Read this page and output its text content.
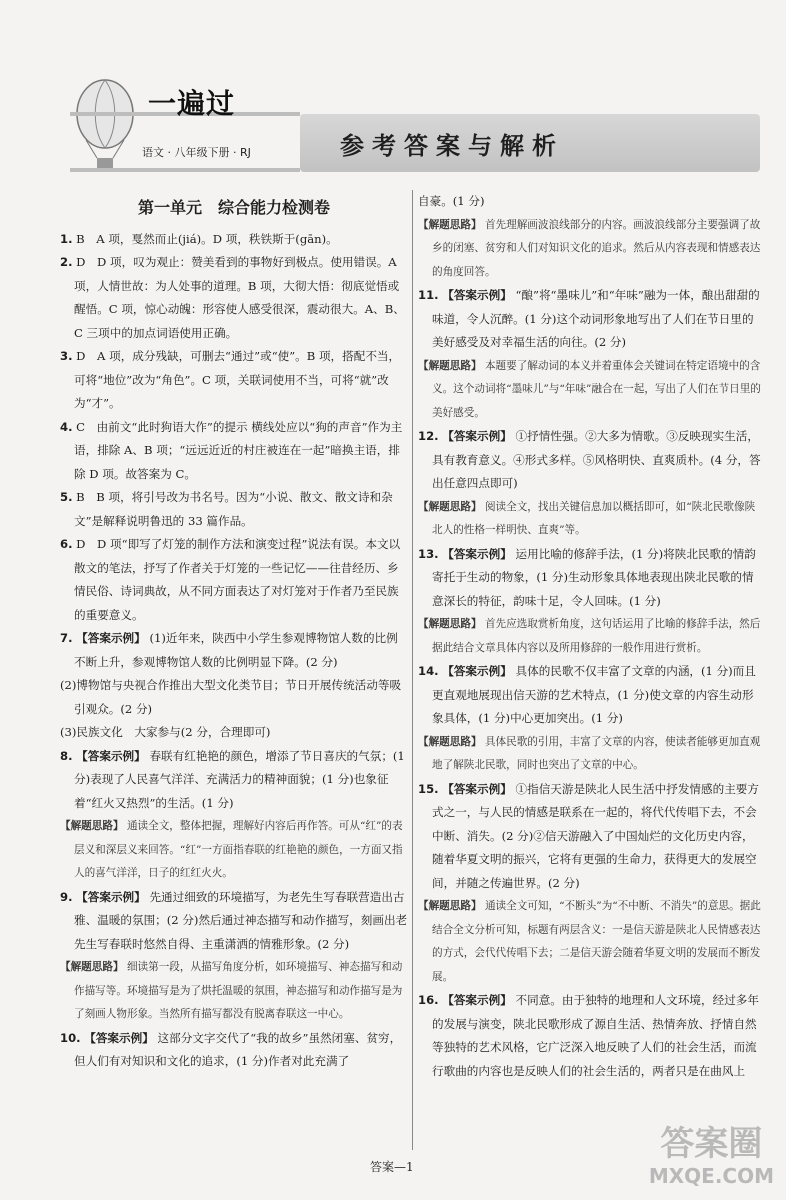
一遍过
语文 · 八年级下册 · RJ	参考答案与解析
第一单元　综合能力检测卷

1. B　A 项，戛然而止(jiá)。D 项，秩铁斯于(gān)。

2. D　D 项，叹为观止：赞美看到的事物好到极点。使用错误。A 项，人情世故：为人处事的道理。B 项，大彻大悟：彻底觉悟或醒悟。C 项，惊心动魄：形容使人感受很深，震动很大。A、B、C 三项中的加点词语使用正确。

3. D　A 项，成分残缺，可删去“通过”或“使”。B 项，搭配不当，可将“地位”改为“角色”。C 项，关联词使用不当，可将“就”改为“才”。

4. C　由前文“此时狗语大作”的提示 横线处应以“狗的声音”作为主语，排除 A、B 项；“远远近近的村庄被连在一起”暗换主语，排除 D 项。故答案为 C。

5. B　B 项，将引号改为书名号。因为“小说、散文、散文诗和杂文”是解释说明鲁迅的 33 篇作品。

6. D　D 项“即写了灯笼的制作方法和演变过程”说法有误。本文以散文的笔法，抒写了作者关于灯笼的一些记忆——往昔经历、乡情民俗、诗词典故，从不同方面表达了对灯笼对于作者乃至民族的重要意义。

7. 【答案示例】 (1)近年来，陕西中小学生参观博物馆人数的比例不断上升，参观博物馆人数的比例明显下降。(2 分)

(2)博物馆与央视合作推出大型文化类节目；节日开展传统活动等吸引观众。(2 分)

(3)民族文化　大家参与(2 分，合理即可)

8. 【答案示例】 春联有红艳艳的颜色，增添了节日喜庆的气氛；(1 分)表现了人民喜气洋洋、充满活力的精神面貌；(1 分)也象征着“红火又热烈”的生活。(1 分)

【解题思路】 通读全文，整体把握，理解好内容后再作答。可从“红”的表层义和深层义来回答。“红”一方面指春联的红艳艳的颜色，一方面又指人的喜气洋洋，日子的红红火火。

9. 【答案示例】 先通过细致的环境描写，为老先生写春联营造出古雅、温暖的氛围；(2 分)然后通过神态描写和动作描写，刻画出老先生写春联时悠然自得、主重潇洒的情雅形象。(2 分)

【解题思路】 细读第一段，从描写角度分析，如环境描写、神态描写和动作描写等。环境描写是为了烘托温暖的氛围，神态描写和动作描写是为了刻画人物形象。当然所有描写都没有脱离春联这一中心。

10. 【答案示例】 这部分文字交代了“我的故乡”虽然闭塞、贫穷，但人们有对知识和文化的追求，(1 分)作者对此充满了

自豪。(1 分)

【解题思路】 首先理解画波浪线部分的内容。画波浪线部分主要强调了故乡的闭塞、贫穷和人们对知识文化的追求。然后从内容表现和情感表达的角度回答。

11. 【答案示例】 “酿”将“墨味儿”和“年味”融为一体，酿出甜甜的味道，令人沉醉。(1 分)这个动词形象地写出了人们在节日里的美好感受及对幸福生活的向往。(2 分)

【解题思路】 本题要了解动词的本义并着重体会关键词在特定语境中的含义。这个动词将“墨味儿”与“年味”融合在一起，写出了人们在节日里的美好感受。

12. 【答案示例】 ①抒情性强。②大多为情歌。③反映现实生活，具有教育意义。④形式多样。⑤风格明快、直爽质朴。(4 分，答出任意四点即可)

【解题思路】 阅读全文，找出关键信息加以概括即可，如“陕北民歌像陕北人的性格一样明快、直爽”等。

13. 【答案示例】 运用比喻的修辞手法，(1 分)将陕北民歌的情韵寄托于生动的物象，(1 分)生动形象具体地表现出陕北民歌的情意深长的特征，韵味十足，令人回味。(1 分)

【解题思路】 首先应选取赏析角度，这句话运用了比喻的修辞手法，然后据此结合文章具体内容以及所用修辞的一般作用进行赏析。

14. 【答案示例】 具体的民歌不仅丰富了文章的内涵，(1 分)而且更直观地展现出信天游的艺术特点，(1 分)使文章的内容生动形象具体，(1 分)中心更加突出。(1 分)

【解题思路】 具体民歌的引用，丰富了文章的内容，使读者能够更加直观地了解陕北民歌，同时也突出了文章的中心。

15. 【答案示例】 ①指信天游是陕北人民生活中抒发情感的主要方式之一，与人民的情感是联系在一起的，将代代传唱下去，不会中断、消失。(2 分)②信天游融入了中国灿烂的文化历史内容，随着华夏文明的振兴，它将有更强的生命力，获得更大的发展空间，并随之传遍世界。(2 分)

【解题思路】 通读全文可知，“不断头”为“不中断、不消失”的意思。据此结合全文分析可知，标题有两层含义：一是信天游是陕北人民情感表达的方式，会代代传唱下去；二是信天游会随着华夏文明的发展而不断发展。

16. 【答案示例】 不同意。由于独特的地理和人文环境，经过多年的发展与演变，陕北民歌形成了源自生活、热情奔放、抒情自然等独特的艺术风格，它广泛深入地反映了人们的社会生活，而流行歌曲的内容也是反映人们的社会生活的，两者只是在曲风上

答案—1
答案圈
MXQE.COM
